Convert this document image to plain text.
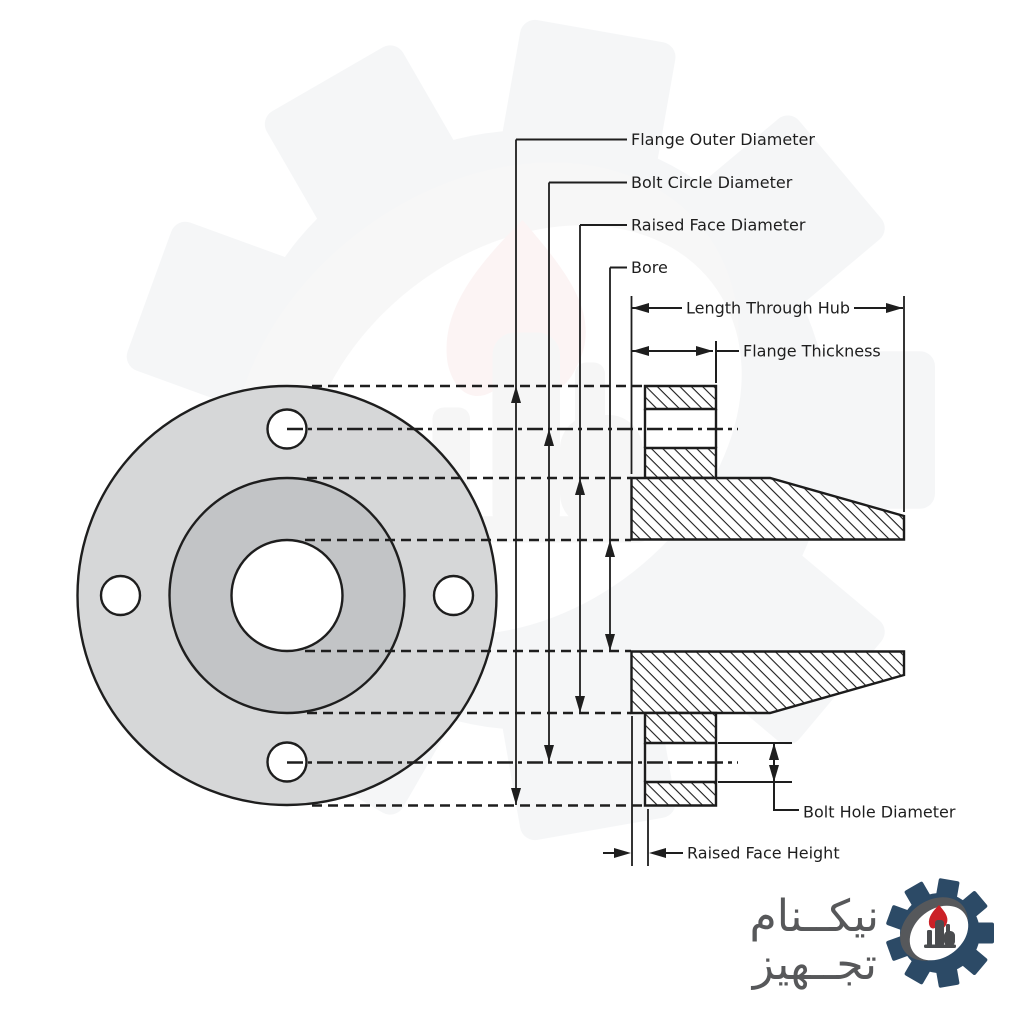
Flange Outer Diameter
Bolt Circle Diameter
Raised Face Diameter
Bore
Length Through Hub
Flange Thickness
Bolt Hole Diameter
Raised Face Height
نیکــنام
تجــهیز
